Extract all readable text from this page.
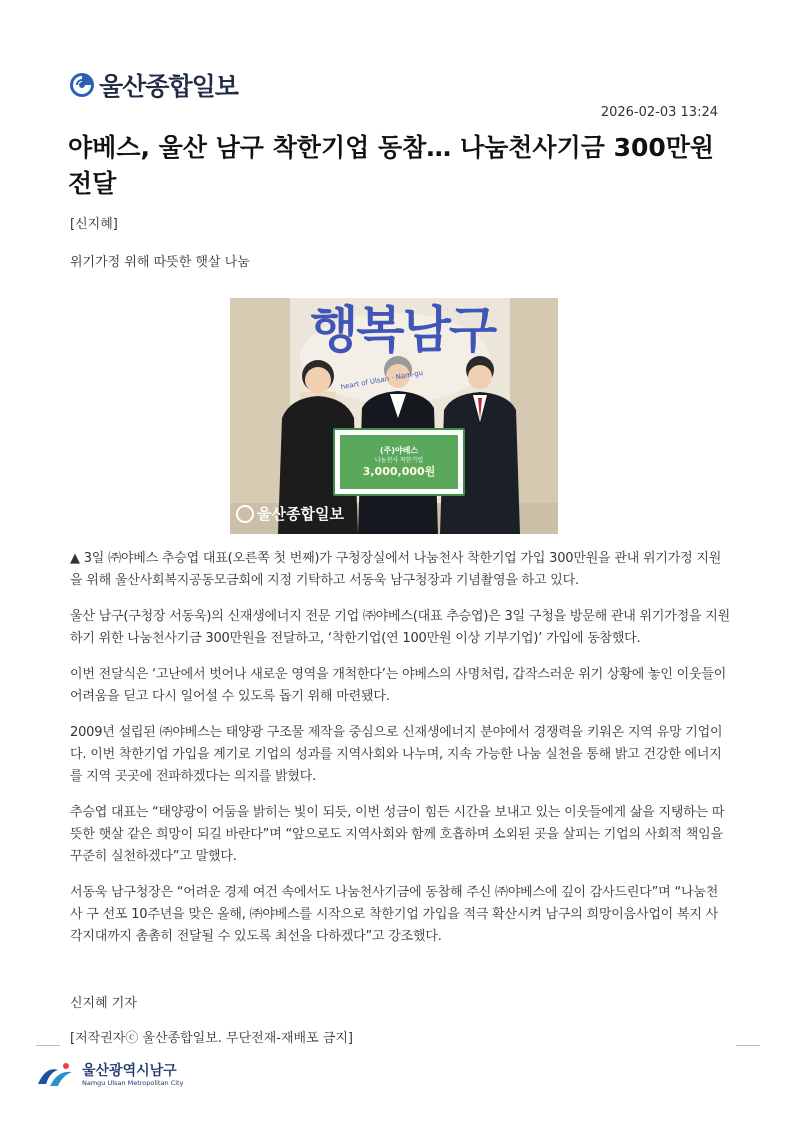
울산종합일보
2026-02-03 13:24
야베스, 울산 남구 착한기업 동참… 나눔천사기금 300만원 전달
[신지혜]
위기가정 위해 따뜻한 햇살 나눔
행복남구
heart of Ulsan · Nam-gu
(주)야베스
나눔천사 착한기업
3,000,000원
울산종합일보

▲ 3일 ㈜야베스 추승엽 대표(오른쪽 첫 번째)가 구청장실에서 나눔천사 착한기업 가입 300만원을 관내 위기가정 지원을 위해 울산사회복지공동모금회에 지정 기탁하고 서동욱 남구청장과 기념촬영을 하고 있다.

울산 남구(구청장 서동욱)의 신재생에너지 전문 기업 ㈜야베스(대표 추승엽)은 3일 구청을 방문해 관내 위기가정을 지원하기 위한 나눔천사기금 300만원을 전달하고, ‘착한기업(연 100만원 이상 기부기업)’ 가입에 동참했다.

이번 전달식은 ‘고난에서 벗어나 새로운 영역을 개척한다’는 야베스의 사명처럼, 갑작스러운 위기 상황에 놓인 이웃들이 어려움을 딛고 다시 일어설 수 있도록 돕기 위해 마련됐다.

2009년 설립된 ㈜야베스는 태양광 구조물 제작을 중심으로 신재생에너지 분야에서 경쟁력을 키워온 지역 유망 기업이다. 이번 착한기업 가입을 계기로 기업의 성과를 지역사회와 나누며, 지속 가능한 나눔 실천을 통해 밝고 건강한 에너지를 지역 곳곳에 전파하겠다는 의지를 밝혔다.

추승엽 대표는 “태양광이 어둠을 밝히는 빛이 되듯, 이번 성금이 힘든 시간을 보내고 있는 이웃들에게 삶을 지탱하는 따뜻한 햇살 같은 희망이 되길 바란다”며 “앞으로도 지역사회와 함께 호흡하며 소외된 곳을 살피는 기업의 사회적 책임을 꾸준히 실천하겠다”고 말했다.

서동욱 남구청장은 “어려운 경제 여건 속에서도 나눔천사기금에 동참해 주신 ㈜야베스에 깊이 감사드린다”며 “나눔천사 구 선포 10주년을 맞은 올해, ㈜야베스를 시작으로 착한기업 가입을 적극 확산시켜 남구의 희망이음사업이 복지 사각지대까지 촘촘히 전달될 수 있도록 최선을 다하겠다”고 강조했다.

신지혜 기자
[저작권자ⓒ 울산종합일보. 무단전재-재배포 금지]
울산광역시남구
Namgu Ulsan Metropolitan City
